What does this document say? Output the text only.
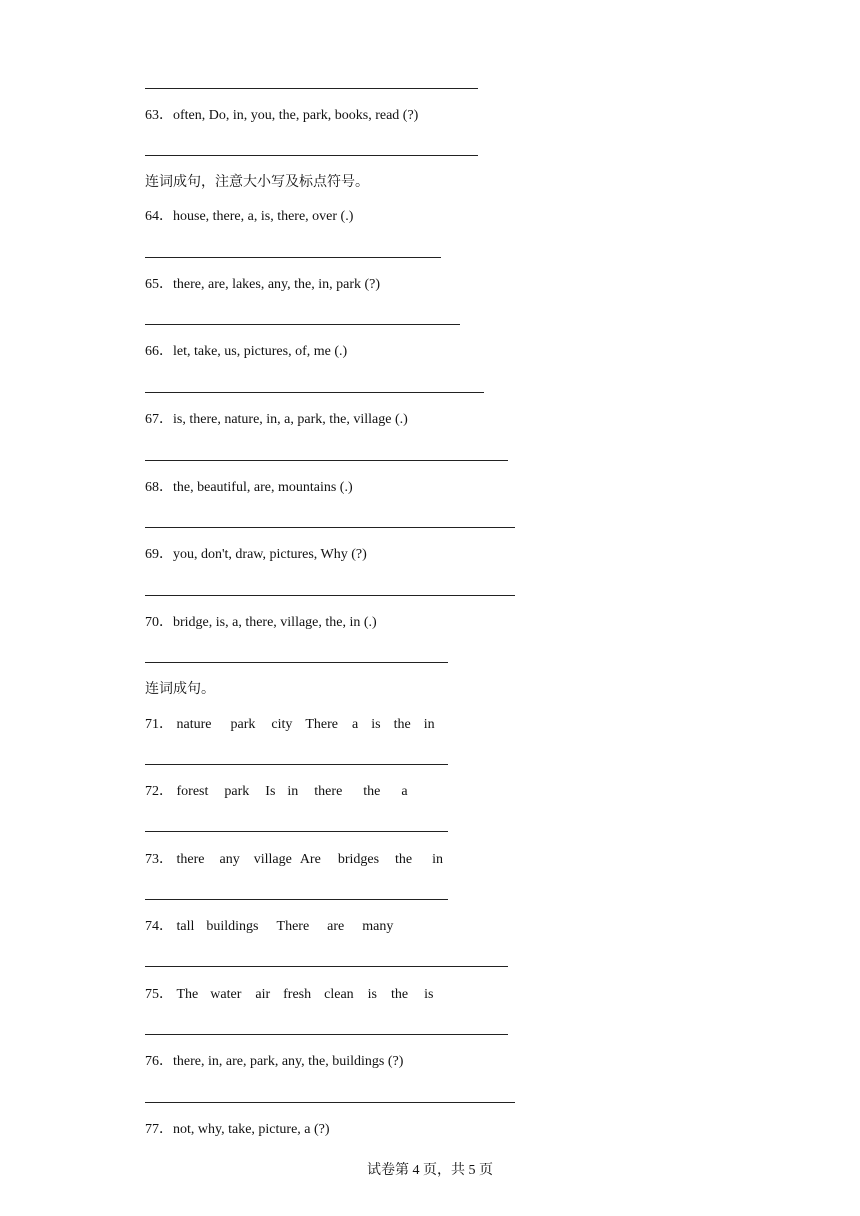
63．often, Do, in, you, the, park, books, read (?)
连词成句，注意大小写及标点符号。
64．house, there, a, is, there, over (.)
65．there, are, lakes, any, the, in, park (?)
66．let, take, us, pictures, of, me (.)
67．is, there, nature, in, a, park, the, village (.)
68．the, beautiful, are, mountains (.)
69．you, don't, draw, pictures, Why (?)
70．bridge, is, a, there, village, the, in (.)
连词成句。
71． nature park city There a is the in
72． forest park Is in there the a
73． there any village Are bridges the in
74． tall buildings There are many
75． The water air fresh clean is the is
76．there, in, are, park, any, the, buildings (?)
77．not, why, take, picture, a (?)
试卷第 4 页，共 5 页
